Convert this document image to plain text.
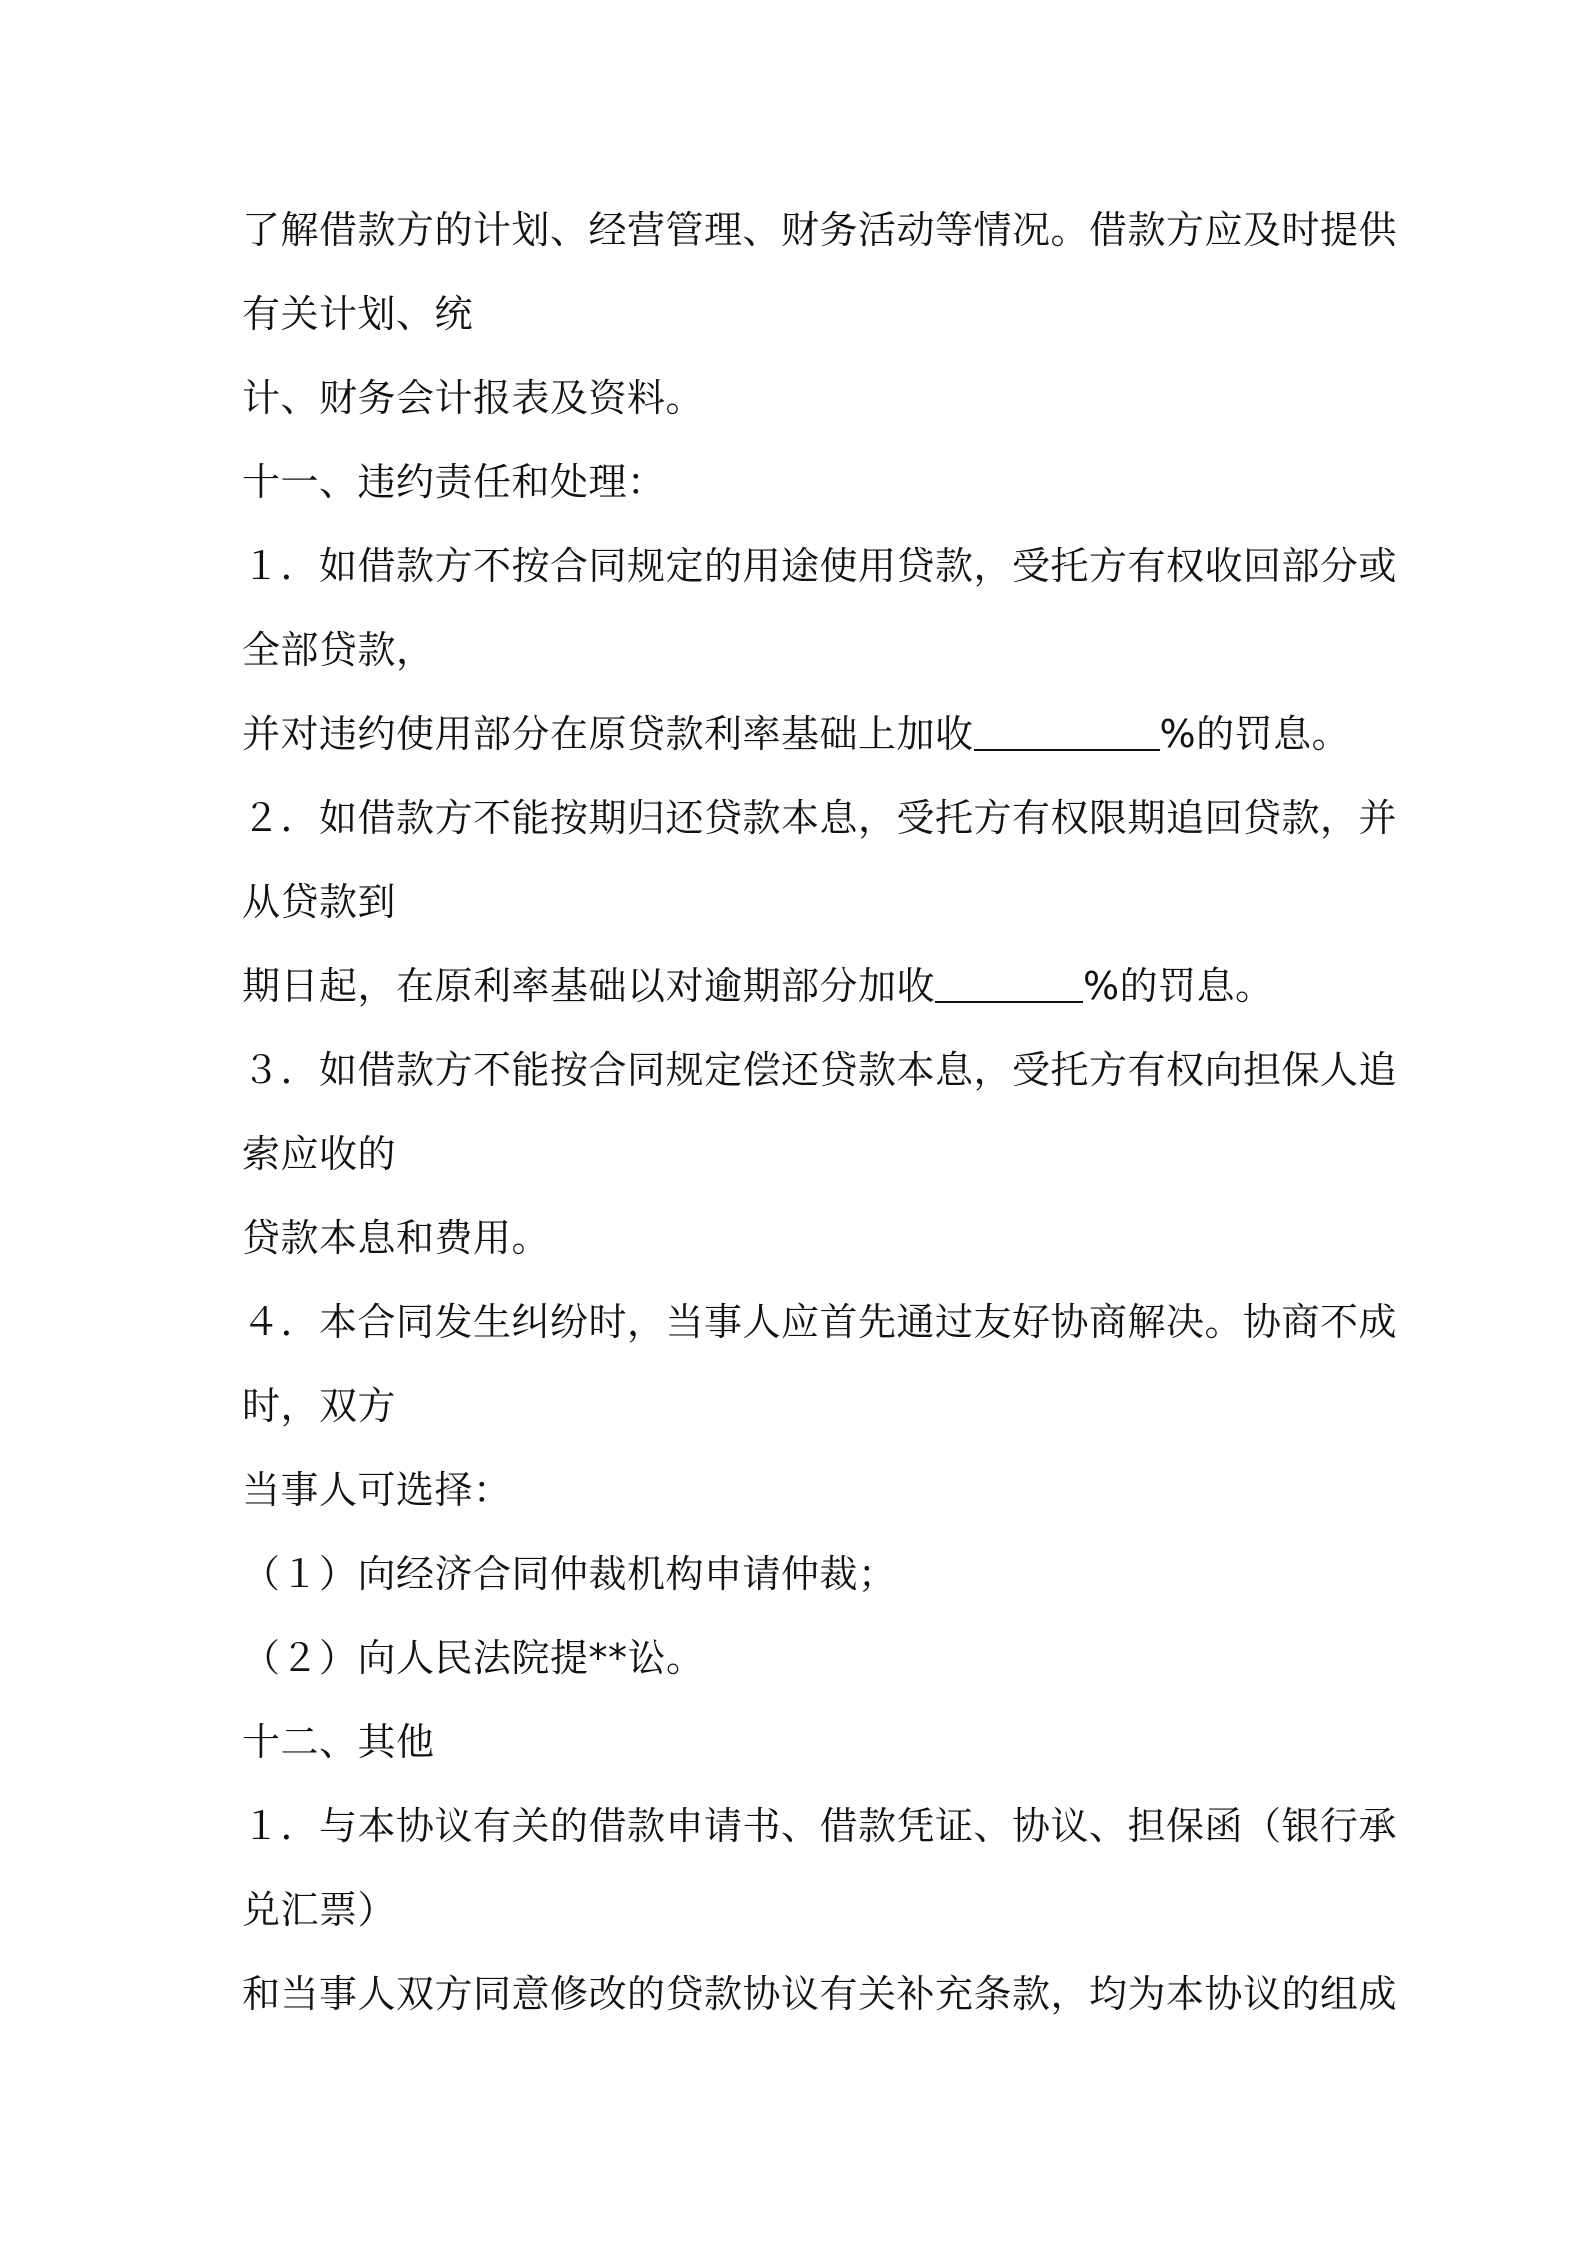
了解借款方的计划、经营管理、财务活动等情况。借款方应及时提供
有关计划、统
计、财务会计报表及资料。
十一、违约责任和处理：
１．如借款方不按合同规定的用途使用贷款，受托方有权收回部分或
全部贷款，
并对违约使用部分在原贷款利率基础上加收	%的罚息。
２．如借款方不能按期归还贷款本息，受托方有权限期追回贷款，并
从贷款到
期日起，在原利率基础以对逾期部分加收	%的罚息。
３．如借款方不能按合同规定偿还贷款本息，受托方有权向担保人追
索应收的
贷款本息和费用。
４．本合同发生纠纷时，当事人应首先通过友好协商解决。协商不成
时，双方
当事人可选择：
（１）向经济合同仲裁机构申请仲裁；
（２）向人民法院提**讼。
十二、其他
１．与本协议有关的借款申请书、借款凭证、协议、担保函（银行承
兑汇票）
和当事人双方同意修改的贷款协议有关补充条款，均为本协议的组成
